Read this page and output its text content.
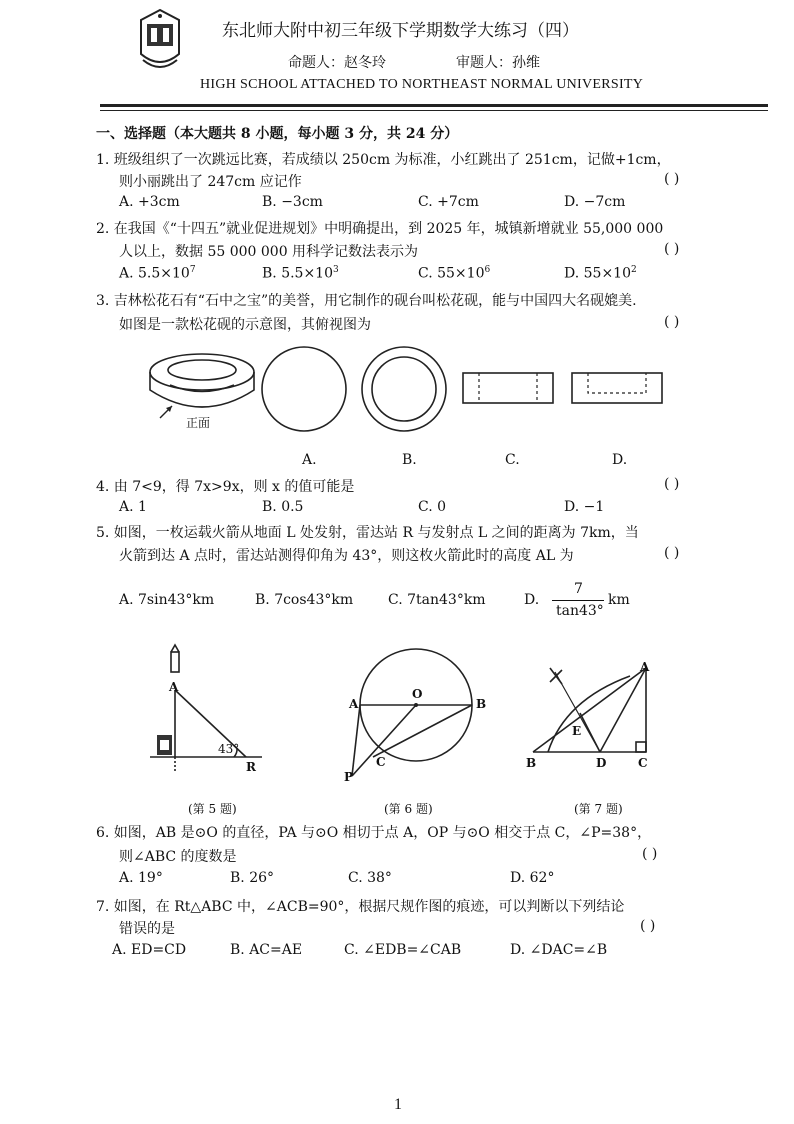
东北师大附中初三年级下学期数学大练习（四）
命题人：赵冬玲	审题人：孙维
HIGH SCHOOL ATTACHED TO NORTHEAST NORMAL UNIVERSITY
一、选择题（本大题共 8 小题，每小题 3 分，共 24 分）
1. 班级组织了一次跳远比赛，若成绩以 250cm 为标准，小红跳出了 251cm，记做+1cm，
则小丽跳出了 247cm 应记作	( )
A. +3cm	B. −3cm	C. +7cm	D. −7cm
2. 在我国《“十四五”就业促进规划》中明确提出，到 2025 年，城镇新增就业 55,000 000
人以上，数据 55 000 000 用科学记数法表示为	( )
A. $5.5\times 10^7$	B. $5.5\times 10^3$	C. $55\times 10^6$	D. $55\times 10^2$
3. 吉林松花石有“石中之宝”的美誉，用它制作的砚台叫松花砚，能与中国四大名砚媲美.
如图是一款松花砚的示意图，其俯视图为	( )
正面
A.	B.	C.	D.
4. 由 7<9，得 7x>9x，则 x 的值可能是	( )
A. 1	B. 0.5	C. 0	D. −1
5. 如图，一枚运载火箭从地面 L 处发射，雷达站 R 与发射点 L 之间的距离为 7km，当
火箭到达 A 点时，雷达站测得仰角为 43°，则这枚火箭此时的高度 AL 为	( )
A. 7sin43°km	B. 7cos43°km C. 7tan43°km	D.
7
tan43°
km
A
43°
R
A
O
B
C
P
A
E
B	D	C
(第 5 题)	(第 6 题)	(第 7 题)
6. 如图，AB 是⊙O 的直径，PA 与⊙O 相切于点 A，OP 与⊙O 相交于点 C，∠P=38°，
则∠ABC 的度数是	( )
A. 19°	B. 26°	C. 38°	D. 62°
7. 如图，在 Rt△ABC 中，∠ACB=90°，根据尺规作图的痕迹，可以判断以下列结论
错误的是	( )
A. ED=CD	B. AC=AE	C. ∠EDB=∠CAB	D. ∠DAC=∠B
1
